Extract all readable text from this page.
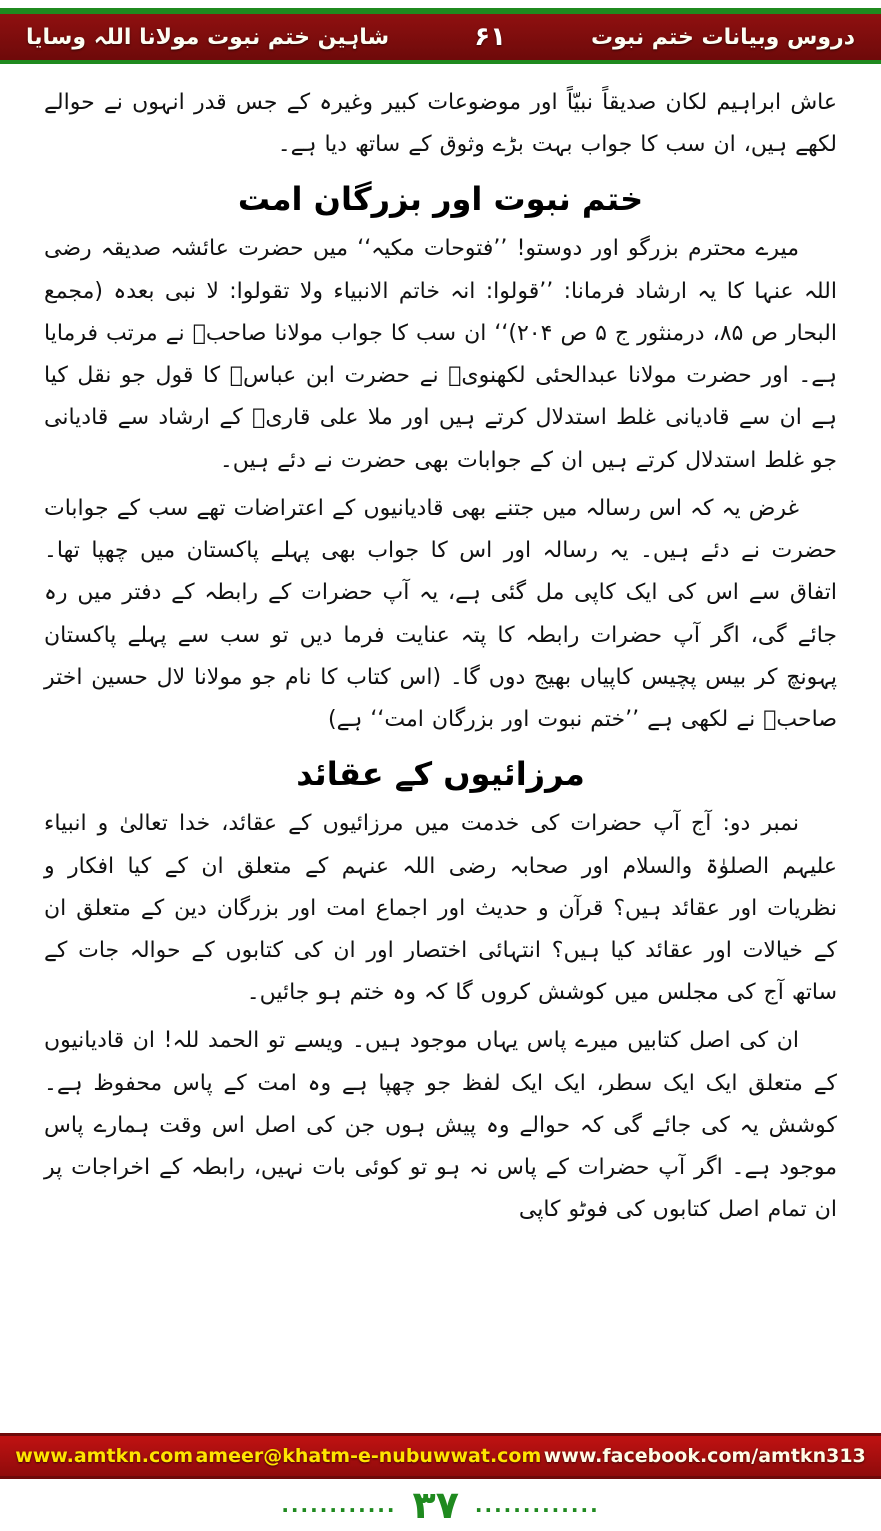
دروس وبیانات ختم نبوت
۶۱
شاہین ختم نبوت مولانا اللہ وسایا

عاش ابراہیم لکان صدیقاً نبیّاً اور موضوعات کبیر وغیرہ کے جس قدر انہوں نے حوالے لکھے ہیں، ان سب کا جواب بہت بڑے وثوق کے ساتھ دیا ہے۔

ختم نبوت اور بزرگان امت

میرے محترم بزرگو اور دوستو! ’’فتوحات مکیہ‘‘ میں حضرت عائشہ صدیقہ رضی اللہ عنہا کا یہ ارشاد فرمانا: ’’قولوا: انہ خاتم الانبیاء ولا تقولوا: لا نبی بعدہ (مجمع البحار ص ۸۵، درمنثور ج ۵ ص ۲۰۴)‘‘ ان سب کا جواب مولانا صاحبؒ نے مرتب فرمایا ہے۔ اور حضرت مولانا عبدالحئی لکھنویؒ نے حضرت ابن عباسؓ کا قول جو نقل کیا ہے ان سے قادیانی غلط استدلال کرتے ہیں اور ملا علی قاریؒ کے ارشاد سے قادیانی جو غلط استدلال کرتے ہیں ان کے جوابات بھی حضرت نے دئے ہیں۔

غرض یہ کہ اس رسالہ میں جتنے بھی قادیانیوں کے اعتراضات تھے سب کے جوابات حضرت نے دئے ہیں۔ یہ رسالہ اور اس کا جواب بھی پہلے پاکستان میں چھپا تھا۔ اتفاق سے اس کی ایک کاپی مل گئی ہے، یہ آپ حضرات کے رابطہ کے دفتر میں رہ جائے گی، اگر آپ حضرات رابطہ کا پتہ عنایت فرما دیں تو سب سے پہلے پاکستان پہونچ کر بیس پچیس کاپیاں بھیج دوں گا۔ (اس کتاب کا نام جو مولانا لال حسین اختر صاحبؒ نے لکھی ہے ’’ختم نبوت اور بزرگان امت‘‘ ہے)

مرزائیوں کے عقائد

نمبر دو: آج آپ حضرات کی خدمت میں مرزائیوں کے عقائد، خدا تعالیٰ و انبیاء علیہم الصلوٰۃ والسلام اور صحابہ رضی اللہ عنہم کے متعلق ان کے کیا افکار و نظریات اور عقائد ہیں؟ قرآن و حدیث اور اجماع امت اور بزرگان دین کے متعلق ان کے خیالات اور عقائد کیا ہیں؟ انتہائی اختصار اور ان کی کتابوں کے حوالہ جات کے ساتھ آج کی مجلس میں کوشش کروں گا کہ وہ ختم ہو جائیں۔

ان کی اصل کتابیں میرے پاس یہاں موجود ہیں۔ ویسے تو الحمد للہ! ان قادیانیوں کے متعلق ایک ایک سطر، ایک ایک لفظ جو چھپا ہے وہ امت کے پاس محفوظ ہے۔ کوشش یہ کی جائے گی کہ حوالے وہ پیش ہوں جن کی اصل اس وقت ہمارے پاس موجود ہے۔ اگر آپ حضرات کے پاس نہ ہو تو کوئی بات نہیں، رابطہ کے اخراجات پر ان تمام اصل کتابوں کی فوٹو کاپی

www.amtkn.com ameer@khatm-e-nubuwwat.com www.facebook.com/amtkn313
............ ۳۷ .............
